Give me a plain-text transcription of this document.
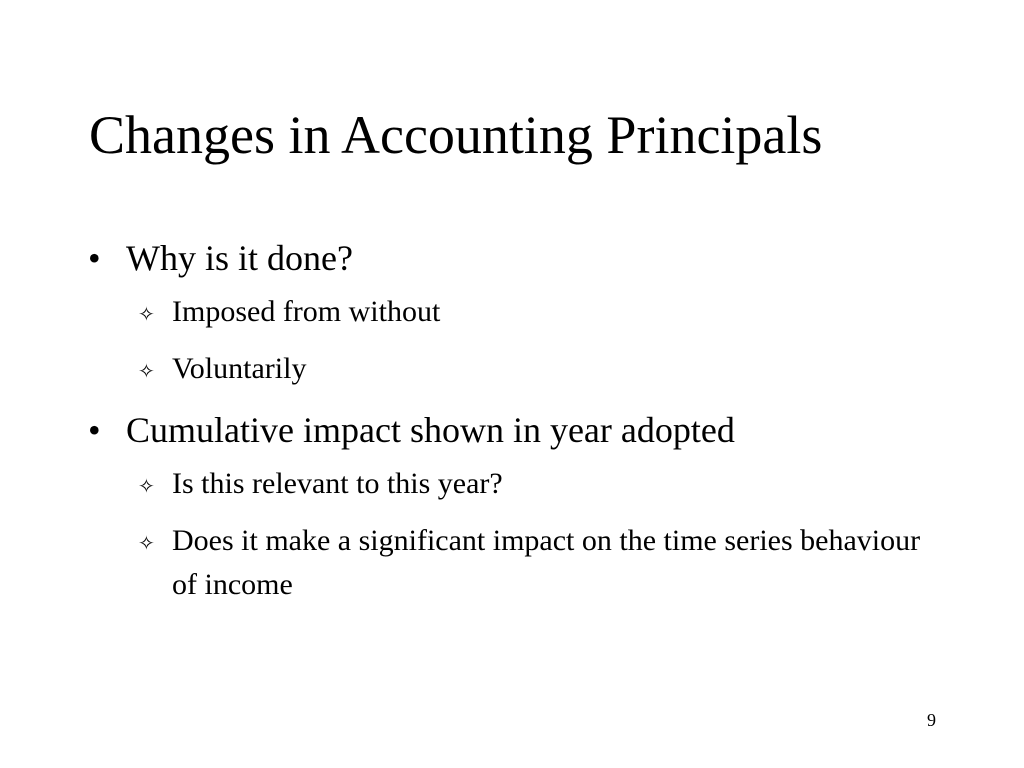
Changes in Accounting Principals
• Why is it done?
✧ Imposed from without
✧ Voluntarily
• Cumulative impact shown in year adopted
✧ Is this relevant to this year?
✧ Does it make a significant impact on the time series behaviour of income
9
